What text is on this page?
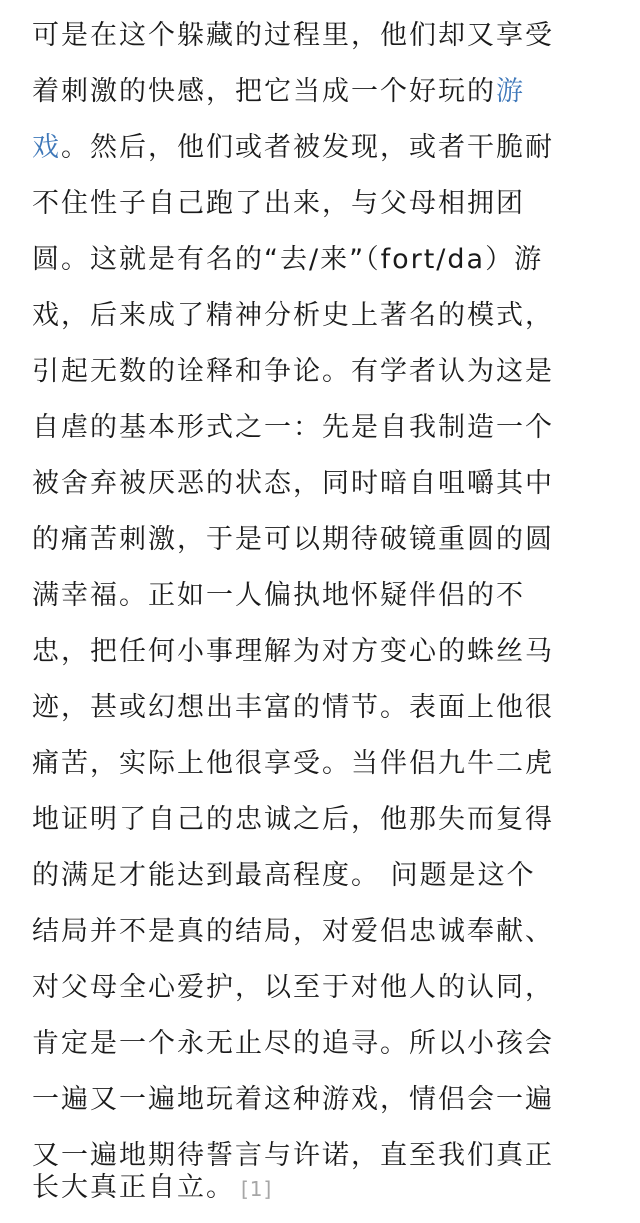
可是在这个躲藏的过程里，他们却又享受
着刺激的快感，把它当成一个好玩的游
戏。然后，他们或者被发现，或者干脆耐
不住性子自己跑了出来，与父母相拥团
圆。这就是有名的“去/来”（fort/da）游
戏，后来成了精神分析史上著名的模式，
引起无数的诠释和争论。有学者认为这是
自虐的基本形式之一：先是自我制造一个
被舍弃被厌恶的状态，同时暗自咀嚼其中
的痛苦刺激，于是可以期待破镜重圆的圆
满幸福。正如一人偏执地怀疑伴侣的不
忠，把任何小事理解为对方变心的蛛丝马
迹，甚或幻想出丰富的情节。表面上他很
痛苦，实际上他很享受。当伴侣九牛二虎
地证明了自己的忠诚之后，他那失而复得
的满足才能达到最高程度。 问题是这个
结局并不是真的结局，对爱侣忠诚奉献、
对父母全心爱护，以至于对他人的认同，
肯定是一个永无止尽的追寻。所以小孩会
一遍又一遍地玩着这种游戏，情侣会一遍
又一遍地期待誓言与许诺，直至我们真正
长大真正自立。 [1]
